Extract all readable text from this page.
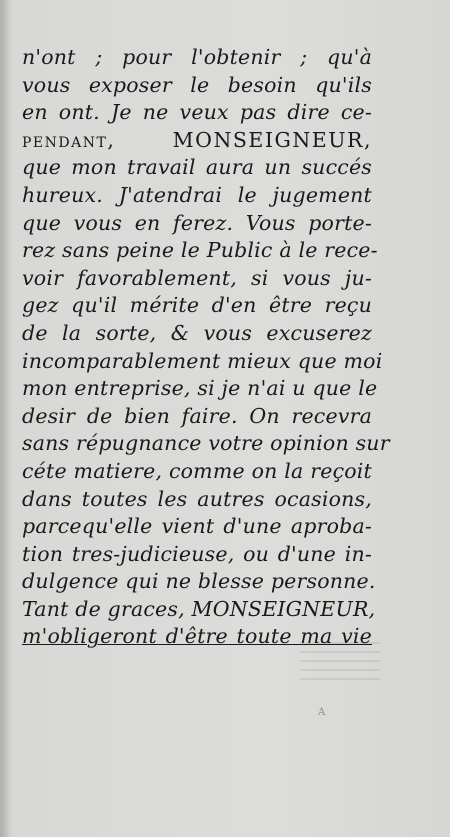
n'ont ; pour l'obtenir ; qu'à
vous exposer le besoin qu'ils
en ont. Je ne veux pas dire ce-
pendant, MONSEIGNEUR,
que mon travail aura un succés
hureux. J'atendrai le jugement
que vous en ferez. Vous porte-
rez sans peine le Public à le rece-
voir favorablement, si vous ju-
gez qu'il mérite d'en être reçu
de la sorte, & vous excuserez
incomparablement mieux que moi
mon entreprise, si je n'ai u que le
desir de bien faire. On recevra
sans répugnance votre opinion sur
céte matiere, comme on la reçoit
dans toutes les autres ocasions,
parcequ'elle vient d'une aproba-
tion tres-judicieuse, ou d'une in-
dulgence qui ne blesse personne.
Tant de graces, MONSEIGNEUR,
m'obligeront d'être toute ma vie
A
